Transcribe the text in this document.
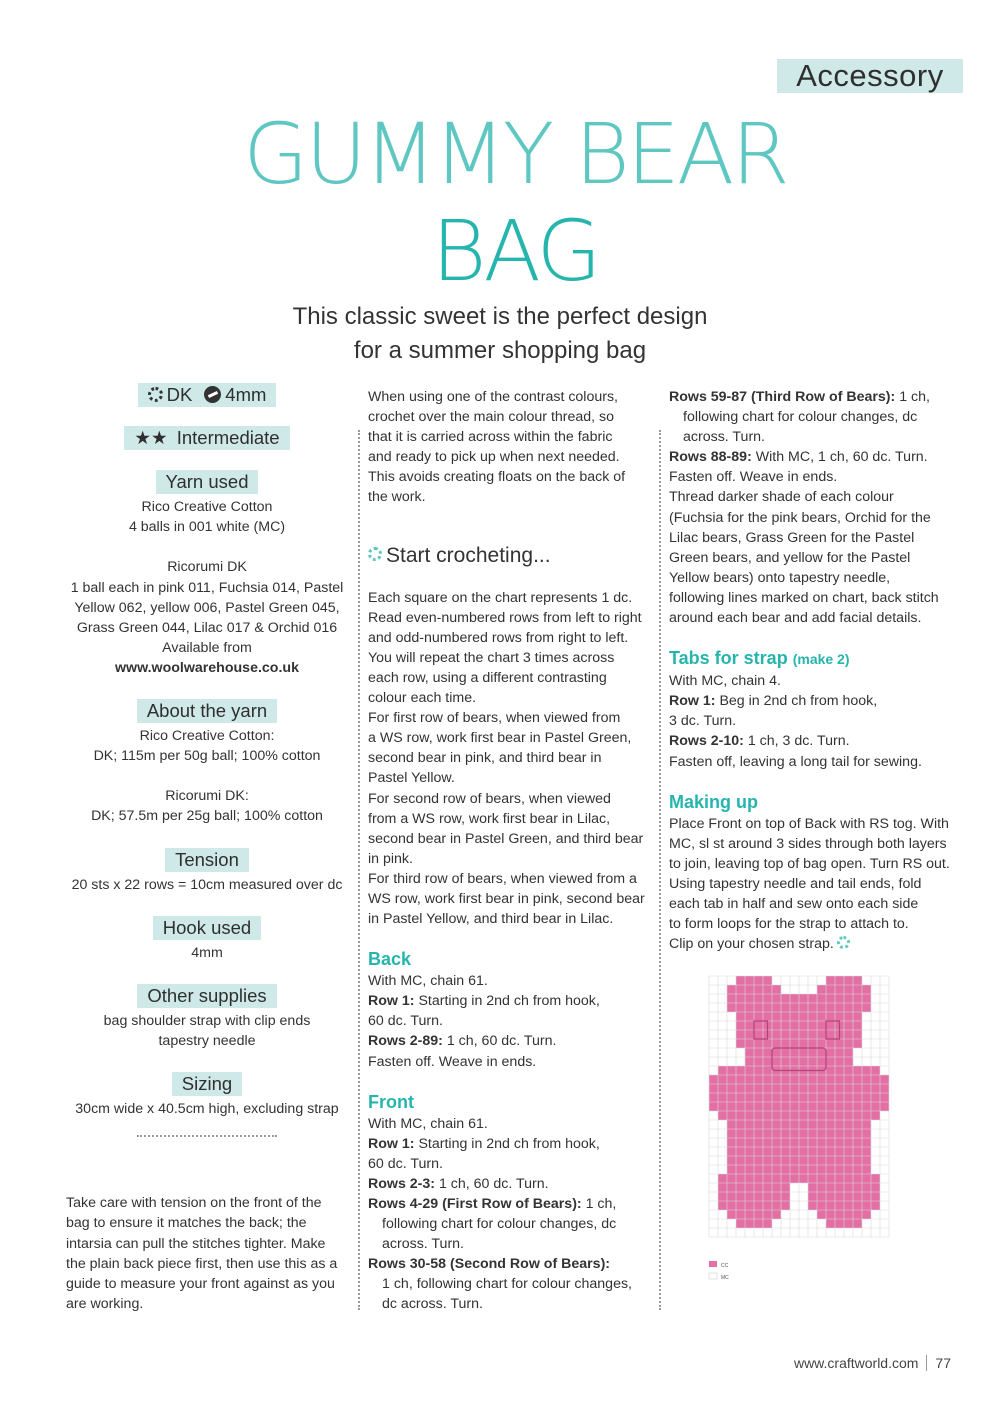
Accessory
GUMMY BEAR
BAG
This classic sweet is the perfect design
for a summer shopping bag
DK 4mm
★★ Intermediate
Yarn used
Rico Creative Cotton
4 balls in 001 white (MC)
Ricorumi DK
1 ball each in pink 011, Fuchsia 014, Pastel
Yellow 062, yellow 006, Pastel Green 045,
Grass Green 044, Lilac 017 & Orchid 016
Available from
www.woolwarehouse.co.uk
About the yarn
Rico Creative Cotton:
DK; 115m per 50g ball; 100% cotton
Ricorumi DK:
DK; 57.5m per 25g ball; 100% cotton
Tension
20 sts x 22 rows = 10cm measured over dc
Hook used
4mm
Other supplies
bag shoulder strap with clip ends
tapestry needle
Sizing
30cm wide x 40.5cm high, excluding strap
Take care with tension on the front of the
bag to ensure it matches the back; the
intarsia can pull the stitches tighter. Make
the plain back piece first, then use this as a
guide to measure your front against as you
are working.
When using one of the contrast colours,
crochet over the main colour thread, so
that it is carried across within the fabric
and ready to pick up when next needed.
This avoids creating floats on the back of
the work.
Start crocheting...
Each square on the chart represents 1 dc.
Read even-numbered rows from left to right
and odd-numbered rows from right to left.
You will repeat the chart 3 times across
each row, using a different contrasting
colour each time.
For first row of bears, when viewed from
a WS row, work first bear in Pastel Green,
second bear in pink, and third bear in
Pastel Yellow.
For second row of bears, when viewed
from a WS row, work first bear in Lilac,
second bear in Pastel Green, and third bear
in pink.
For third row of bears, when viewed from a
WS row, work first bear in pink, second bear
in Pastel Yellow, and third bear in Lilac.
Back
With MC, chain 61.
Row 1: Starting in 2nd ch from hook,
60 dc. Turn.
Rows 2-89: 1 ch, 60 dc. Turn.
Fasten off. Weave in ends.
Front
With MC, chain 61.
Row 1: Starting in 2nd ch from hook,
60 dc. Turn.
Rows 2-3: 1 ch, 60 dc. Turn.
Rows 4-29 (First Row of Bears): 1 ch,
following chart for colour changes, dc
across. Turn.
Rows 30-58 (Second Row of Bears):
1 ch, following chart for colour changes,
dc across. Turn.
Rows 59-87 (Third Row of Bears): 1 ch,
following chart for colour changes, dc
across. Turn.
Rows 88-89: With MC, 1 ch, 60 dc. Turn.
Fasten off. Weave in ends.
Thread darker shade of each colour
(Fuchsia for the pink bears, Orchid for the
Lilac bears, Grass Green for the Pastel
Green bears, and yellow for the Pastel
Yellow bears) onto tapestry needle,
following lines marked on chart, back stitch
around each bear and add facial details.
Tabs for strap (make 2)
With MC, chain 4.
Row 1: Beg in 2nd ch from hook,
3 dc. Turn.
Rows 2-10: 1 ch, 3 dc. Turn.
Fasten off, leaving a long tail for sewing.
Making up
Place Front on top of Back with RS tog. With
MC, sl st around 3 sides through both layers
to join, leaving top of bag open. Turn RS out.
Using tapestry needle and tail ends, fold
each tab in half and sew onto each side
to form loops for the strap to attach to.
Clip on your chosen strap.
CC
MC
www.craftworld.com 77
